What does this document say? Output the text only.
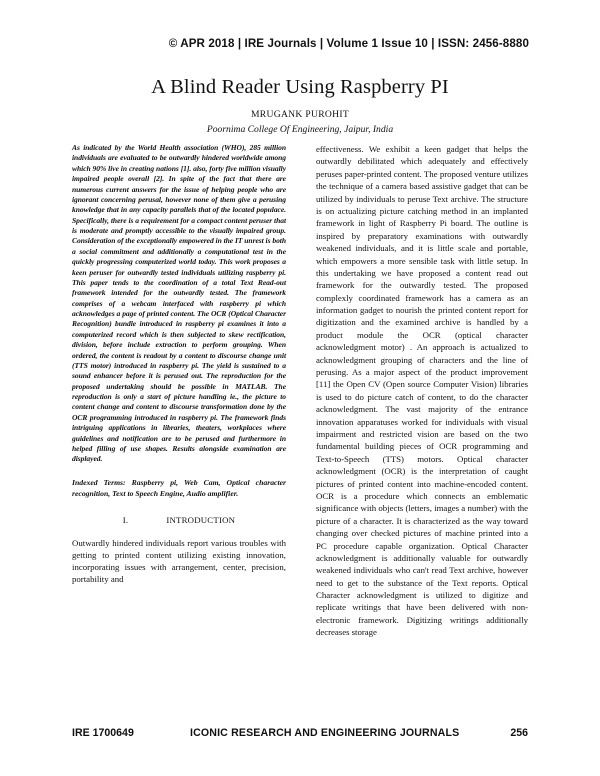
© APR 2018 | IRE Journals | Volume 1 Issue 10 | ISSN: 2456-8880
A Blind Reader Using Raspberry PI
MRUGANK PUROHIT
Poornima College Of Engineering, Jaipur, India

As indicated by the World Health association (WHO), 285 million individuals are evaluated to be outwardly hindered worldwide among which 90% live in creating nations [1]. also, forty five million visually impaired people overall [2]. In spite of the fact that there are numerous current answers for the issue of helping people who are ignorant concerning perusal, however none of them give a perusing knowledge that in any capacity parallels that of the located populace. Specifically, there is a requirement for a compact content peruser that is moderate and promptly accessible to the visually impaired group. Consideration of the exceptionally empowered in the IT unrest is both a social commitment and additionally a computational test in the quickly progressing computerized world today. This work proposes a keen peruser for outwardly tested individuals utilizing raspberry pi. This paper tends to the coordination of a total Text Read-out framework intended for the outwardly tested. The framework comprises of a webcam interfaced with raspberry pi which acknowledges a page of printed content. The OCR (Optical Character Recognition) bundle introduced in raspberry pi examines it into a computerized record which is then subjected to skew rectification, division, before include extraction to perform grouping. When ordered, the content is readout by a content to discourse change unit (TTS motor) introduced in raspberry pi. The yield is sustained to a sound enhancer before it is perused out. The reproduction for the proposed undertaking should be possible in MATLAB. The reproduction is only a start of picture handling ie., the picture to content change and content to discourse transformation done by the OCR programming introduced in raspberry pi. The framework finds intriguing applications in libraries, theaters, workplaces where guidelines and notification are to be perused and furthermore in helped filling of use shapes. Results alongside examination are displayed.

Indexed Terms: Raspberry pi, Web Cam, Optical character recognition, Text to Speech Engine, Audio amplifier.

I.	INTRODUCTION

Outwardly hindered individuals report various troubles with getting to printed content utilizing existing innovation, incorporating issues with arrangement, center, precision, portability and

effectiveness. We exhibit a keen gadget that helps the outwardly debilitated which adequately and effectively peruses paper-printed content. The proposed venture utilizes the technique of a camera based assistive gadget that can be utilized by individuals to peruse Text archive. The structure is on actualizing picture catching method in an implanted framework in light of Raspberry Pi board. The outline is inspired by preparatory examinations with outwardly weakened individuals, and it is little scale and portable, which empowers a more sensible task with little setup. In this undertaking we have proposed a content read out framework for the outwardly tested. The proposed complexly coordinated framework has a camera as an information gadget to nourish the printed content report for digitization and the examined archive is handled by a product module the OCR (optical character acknowledgment motor) . An approach is actualized to acknowledgment grouping of characters and the line of perusing. As a major aspect of the product improvement [11] the Open CV (Open source Computer Vision) libraries is used to do picture catch of content, to do the character acknowledgment. The vast majority of the entrance innovation apparatuses worked for individuals with visual impairment and restricted vision are based on the two fundamental building pieces of OCR programming and Text-to-Speech (TTS) motors. Optical character acknowledgment (OCR) is the interpretation of caught pictures of printed content into machine-encoded content. OCR is a procedure which connects an emblematic significance with objects (letters, images a number) with the picture of a character. It is characterized as the way toward changing over checked pictures of machine printed into a PC procedure capable organization. Optical Character acknowledgment is additionally valuable for outwardly weakened individuals who can't read Text archive, however need to get to the substance of the Text reports. Optical Character acknowledgment is utilized to digitize and replicate writings that have been delivered with non-electronic framework. Digitizing writings additionally decreases storage

IRE 1700649	ICONIC RESEARCH AND ENGINEERING JOURNALS	256
